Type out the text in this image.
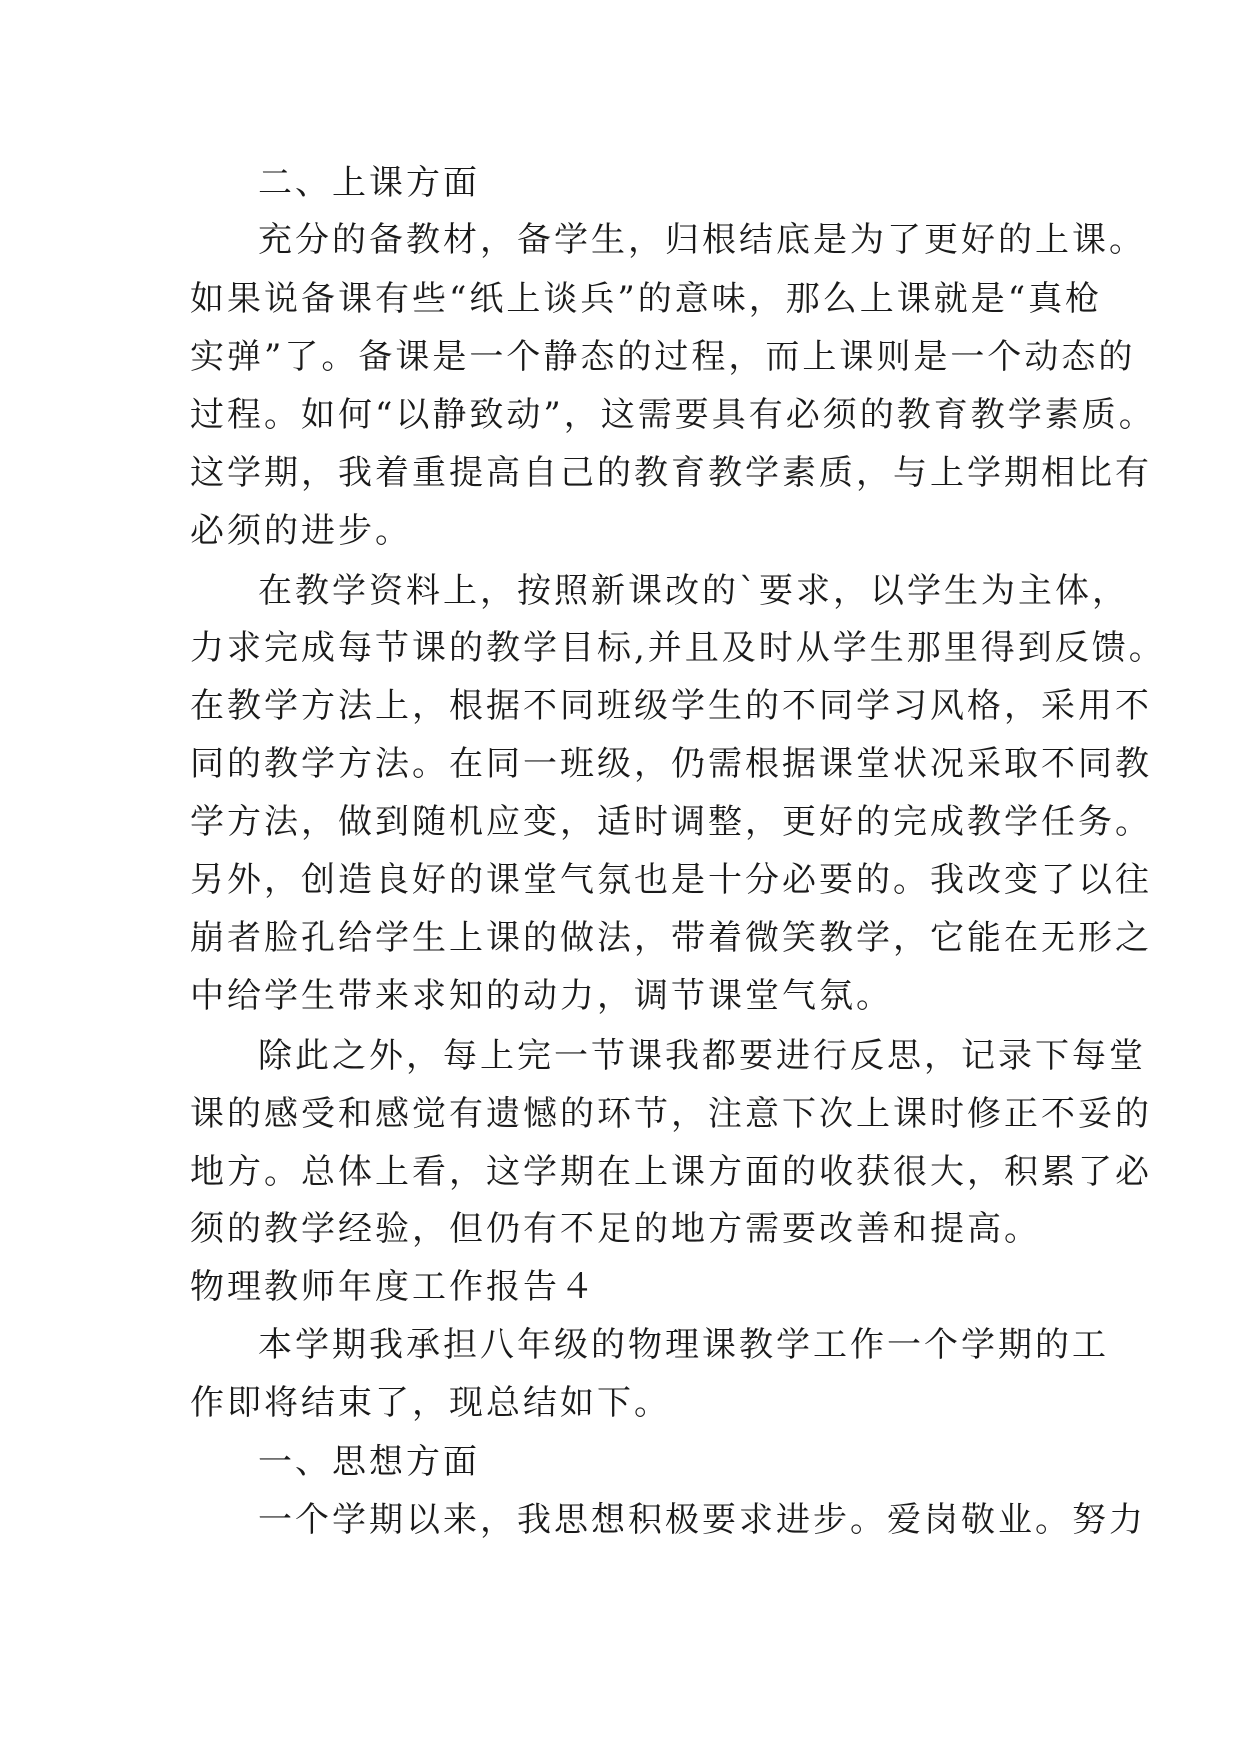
二、上课方面
充分的备教材，备学生，归根结底是为了更好的上课。
如果说备课有些“纸上谈兵”的意味，那么上课就是“真枪
实弹”了。备课是一个静态的过程，而上课则是一个动态的
过程。如何“以静致动”，这需要具有必须的教育教学素质。
这学期，我着重提高自己的教育教学素质，与上学期相比有
必须的进步。
在教学资料上，按照新课改的`要求，以学生为主体，
力求完成每节课的教学目标,并且及时从学生那里得到反馈。
在教学方法上，根据不同班级学生的不同学习风格，采用不
同的教学方法。在同一班级，仍需根据课堂状况采取不同教
学方法，做到随机应变，适时调整，更好的完成教学任务。
另外，创造良好的课堂气氛也是十分必要的。我改变了以往
崩者脸孔给学生上课的做法，带着微笑教学，它能在无形之
中给学生带来求知的动力，调节课堂气氛。
除此之外，每上完一节课我都要进行反思，记录下每堂
课的感受和感觉有遗憾的环节，注意下次上课时修正不妥的
地方。总体上看，这学期在上课方面的收获很大，积累了必
须的教学经验，但仍有不足的地方需要改善和提高。
物理教师年度工作报告４
本学期我承担八年级的物理课教学工作一个学期的工
作即将结束了，现总结如下。
一、思想方面
一个学期以来，我思想积极要求进步。爱岗敬业。努力
